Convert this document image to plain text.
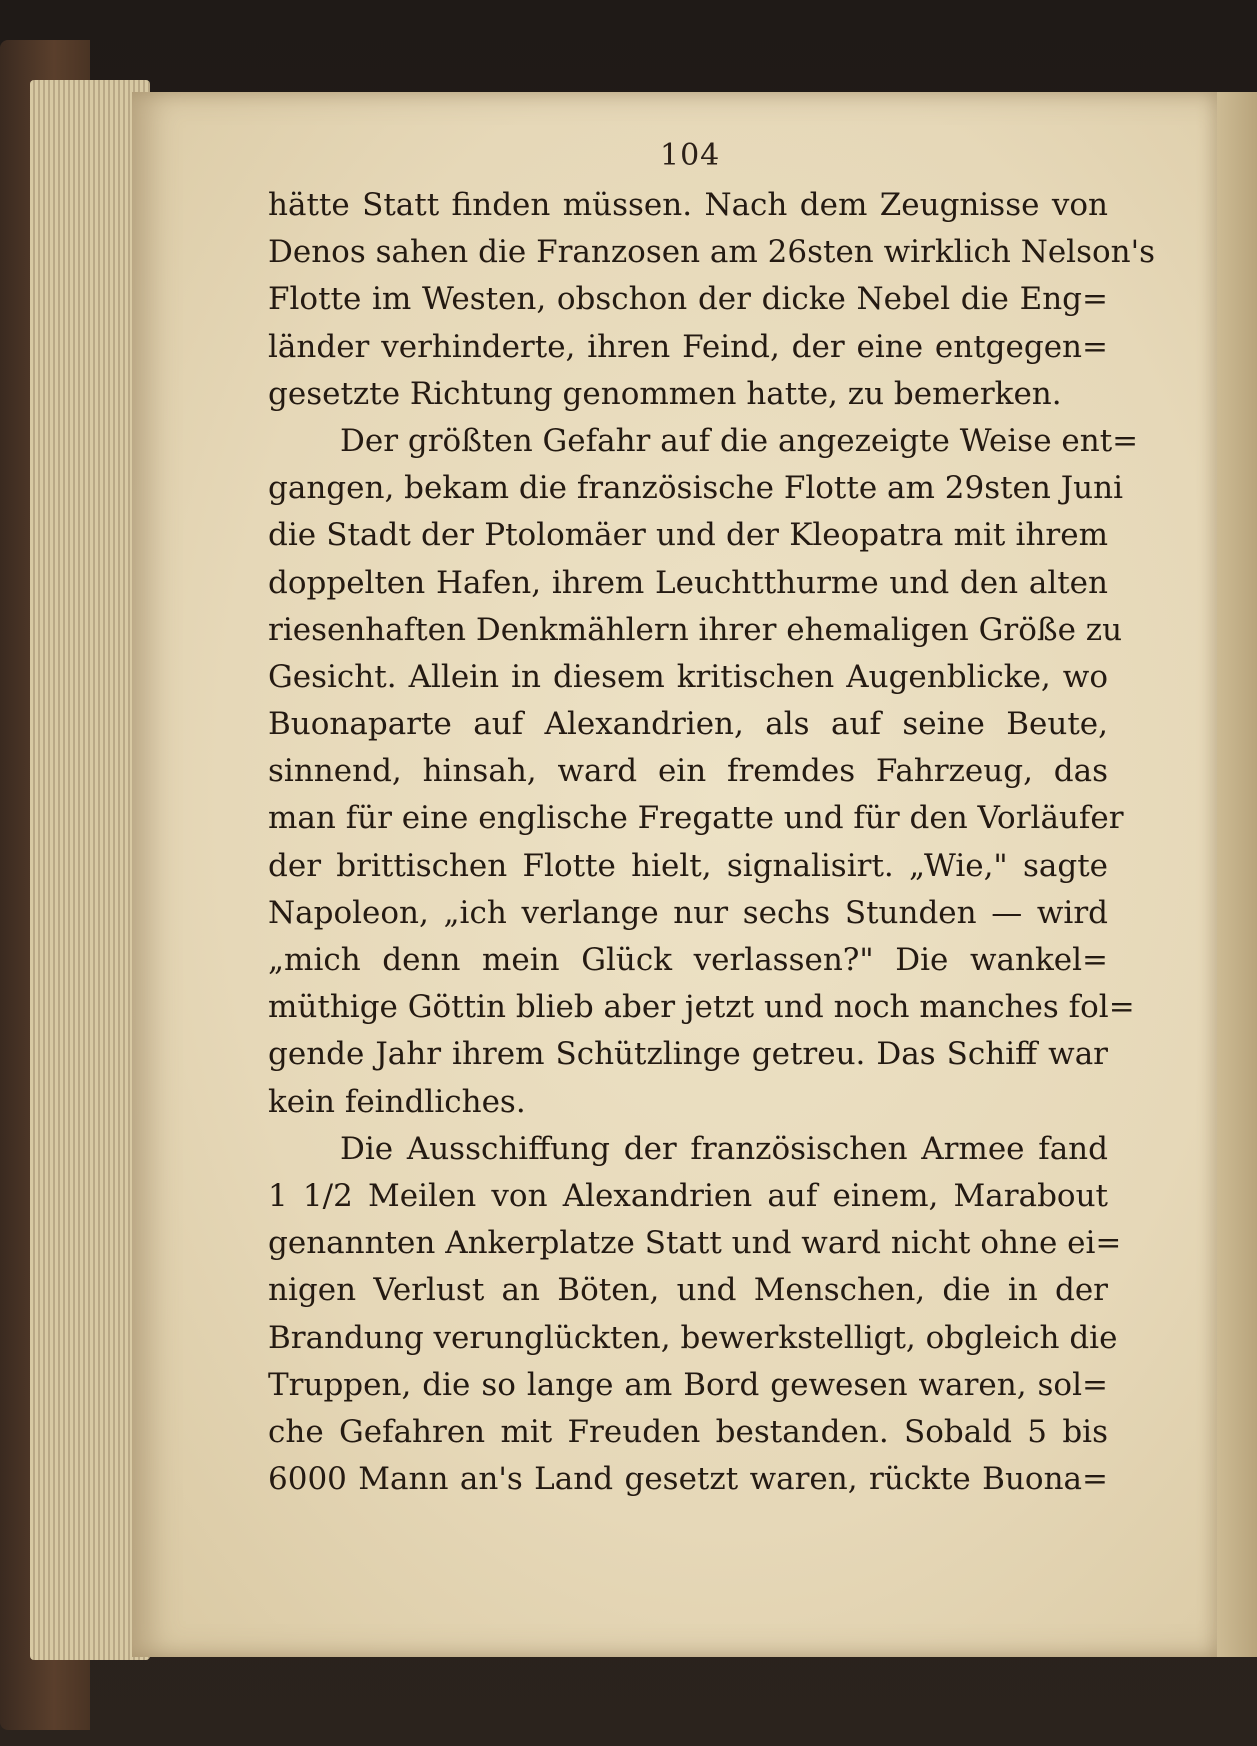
104
hätte Statt finden müssen. Nach dem Zeugnisse von
Denos sahen die Franzosen am 26sten wirklich Nelson's
Flotte im Westen, obschon der dicke Nebel die Eng=
länder verhinderte, ihren Feind, der eine entgegen=
gesetzte Richtung genommen hatte, zu bemerken.
Der größten Gefahr auf die angezeigte Weise ent=
gangen, bekam die französische Flotte am 29sten Juni
die Stadt der Ptolomäer und der Kleopatra mit ihrem
doppelten Hafen, ihrem Leuchtthurme und den alten
riesenhaften Denkmählern ihrer ehemaligen Größe zu
Gesicht. Allein in diesem kritischen Augenblicke, wo
Buonaparte auf Alexandrien, als auf seine Beute,
sinnend, hinsah, ward ein fremdes Fahrzeug, das
man für eine englische Fregatte und für den Vorläufer
der brittischen Flotte hielt, signalisirt. „Wie," sagte
Napoleon, „ich verlange nur sechs Stunden — wird
„mich denn mein Glück verlassen?" Die wankel=
müthige Göttin blieb aber jetzt und noch manches fol=
gende Jahr ihrem Schützlinge getreu. Das Schiff war
kein feindliches.
Die Ausschiffung der französischen Armee fand
1 1/2 Meilen von Alexandrien auf einem, Marabout
genannten Ankerplatze Statt und ward nicht ohne ei=
nigen Verlust an Böten, und Menschen, die in der
Brandung verunglückten, bewerkstelligt, obgleich die
Truppen, die so lange am Bord gewesen waren, sol=
che Gefahren mit Freuden bestanden. Sobald 5 bis
6000 Mann an's Land gesetzt waren, rückte Buona=
